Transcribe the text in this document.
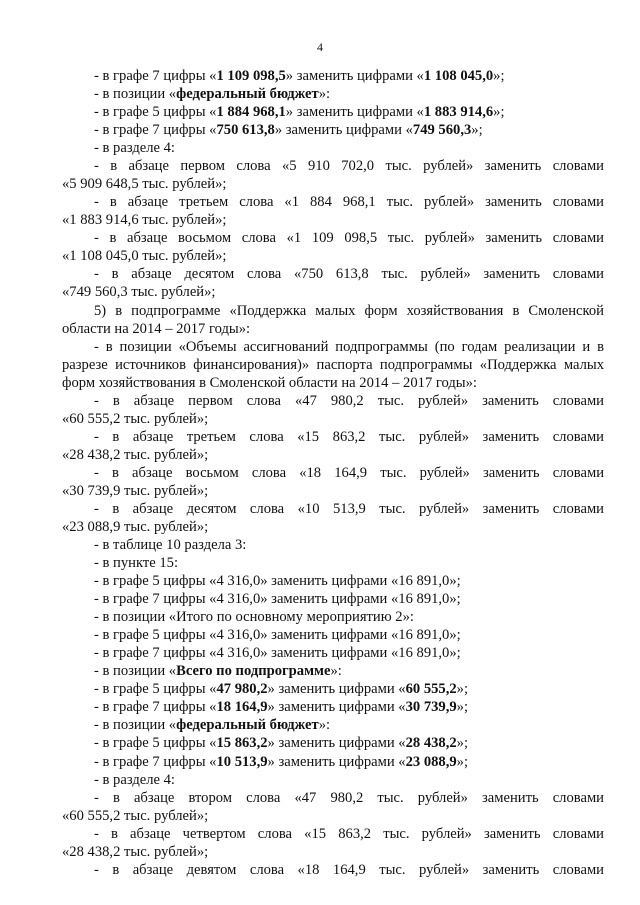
4
- в графе 7 цифры «1 109 098,5» заменить цифрами «1 108 045,0»;
- в позиции «федеральный бюджет»:
- в графе 5 цифры «1 884 968,1» заменить цифрами «1 883 914,6»;
- в графе 7 цифры «750 613,8» заменить цифрами «749 560,3»;
- в разделе 4:
- в абзаце первом слова «5 910 702,0 тыс. рублей» заменить словами
«5 909 648,5 тыс. рублей»;
- в абзаце третьем слова «1 884 968,1 тыс. рублей» заменить словами
«1 883 914,6 тыс. рублей»;
- в абзаце восьмом слова «1 109 098,5 тыс. рублей» заменить словами
«1 108 045,0 тыс. рублей»;
- в абзаце десятом слова «750 613,8 тыс. рублей» заменить словами
«749 560,3 тыс. рублей»;
5) в подпрограмме «Поддержка малых форм хозяйствования в Смоленской
области на 2014 – 2017 годы»:
- в позиции «Объемы ассигнований подпрограммы (по годам реализации и в
разрезе источников финансирования)» паспорта подпрограммы «Поддержка малых
форм хозяйствования в Смоленской области на 2014 – 2017 годы»:
- в абзаце первом слова «47 980,2 тыс. рублей» заменить словами
«60 555,2 тыс. рублей»;
- в абзаце третьем слова «15 863,2 тыс. рублей» заменить словами
«28 438,2 тыс. рублей»;
- в абзаце восьмом слова «18 164,9 тыс. рублей» заменить словами
«30 739,9 тыс. рублей»;
- в абзаце десятом слова «10 513,9 тыс. рублей» заменить словами
«23 088,9 тыс. рублей»;
- в таблице 10 раздела 3:
- в пункте 15:
- в графе 5 цифры «4 316,0» заменить цифрами «16 891,0»;
- в графе 7 цифры «4 316,0» заменить цифрами «16 891,0»;
- в позиции «Итого по основному мероприятию 2»:
- в графе 5 цифры «4 316,0» заменить цифрами «16 891,0»;
- в графе 7 цифры «4 316,0» заменить цифрами «16 891,0»;
- в позиции «Всего по подпрограмме»:
- в графе 5 цифры «47 980,2» заменить цифрами «60 555,2»;
- в графе 7 цифры «18 164,9» заменить цифрами «30 739,9»;
- в позиции «федеральный бюджет»:
- в графе 5 цифры «15 863,2» заменить цифрами «28 438,2»;
- в графе 7 цифры «10 513,9» заменить цифрами «23 088,9»;
- в разделе 4:
- в абзаце втором слова «47 980,2 тыс. рублей» заменить словами
«60 555,2 тыс. рублей»;
- в абзаце четвертом слова «15 863,2 тыс. рублей» заменить словами
«28 438,2 тыс. рублей»;
- в абзаце девятом слова «18 164,9 тыс. рублей» заменить словами
